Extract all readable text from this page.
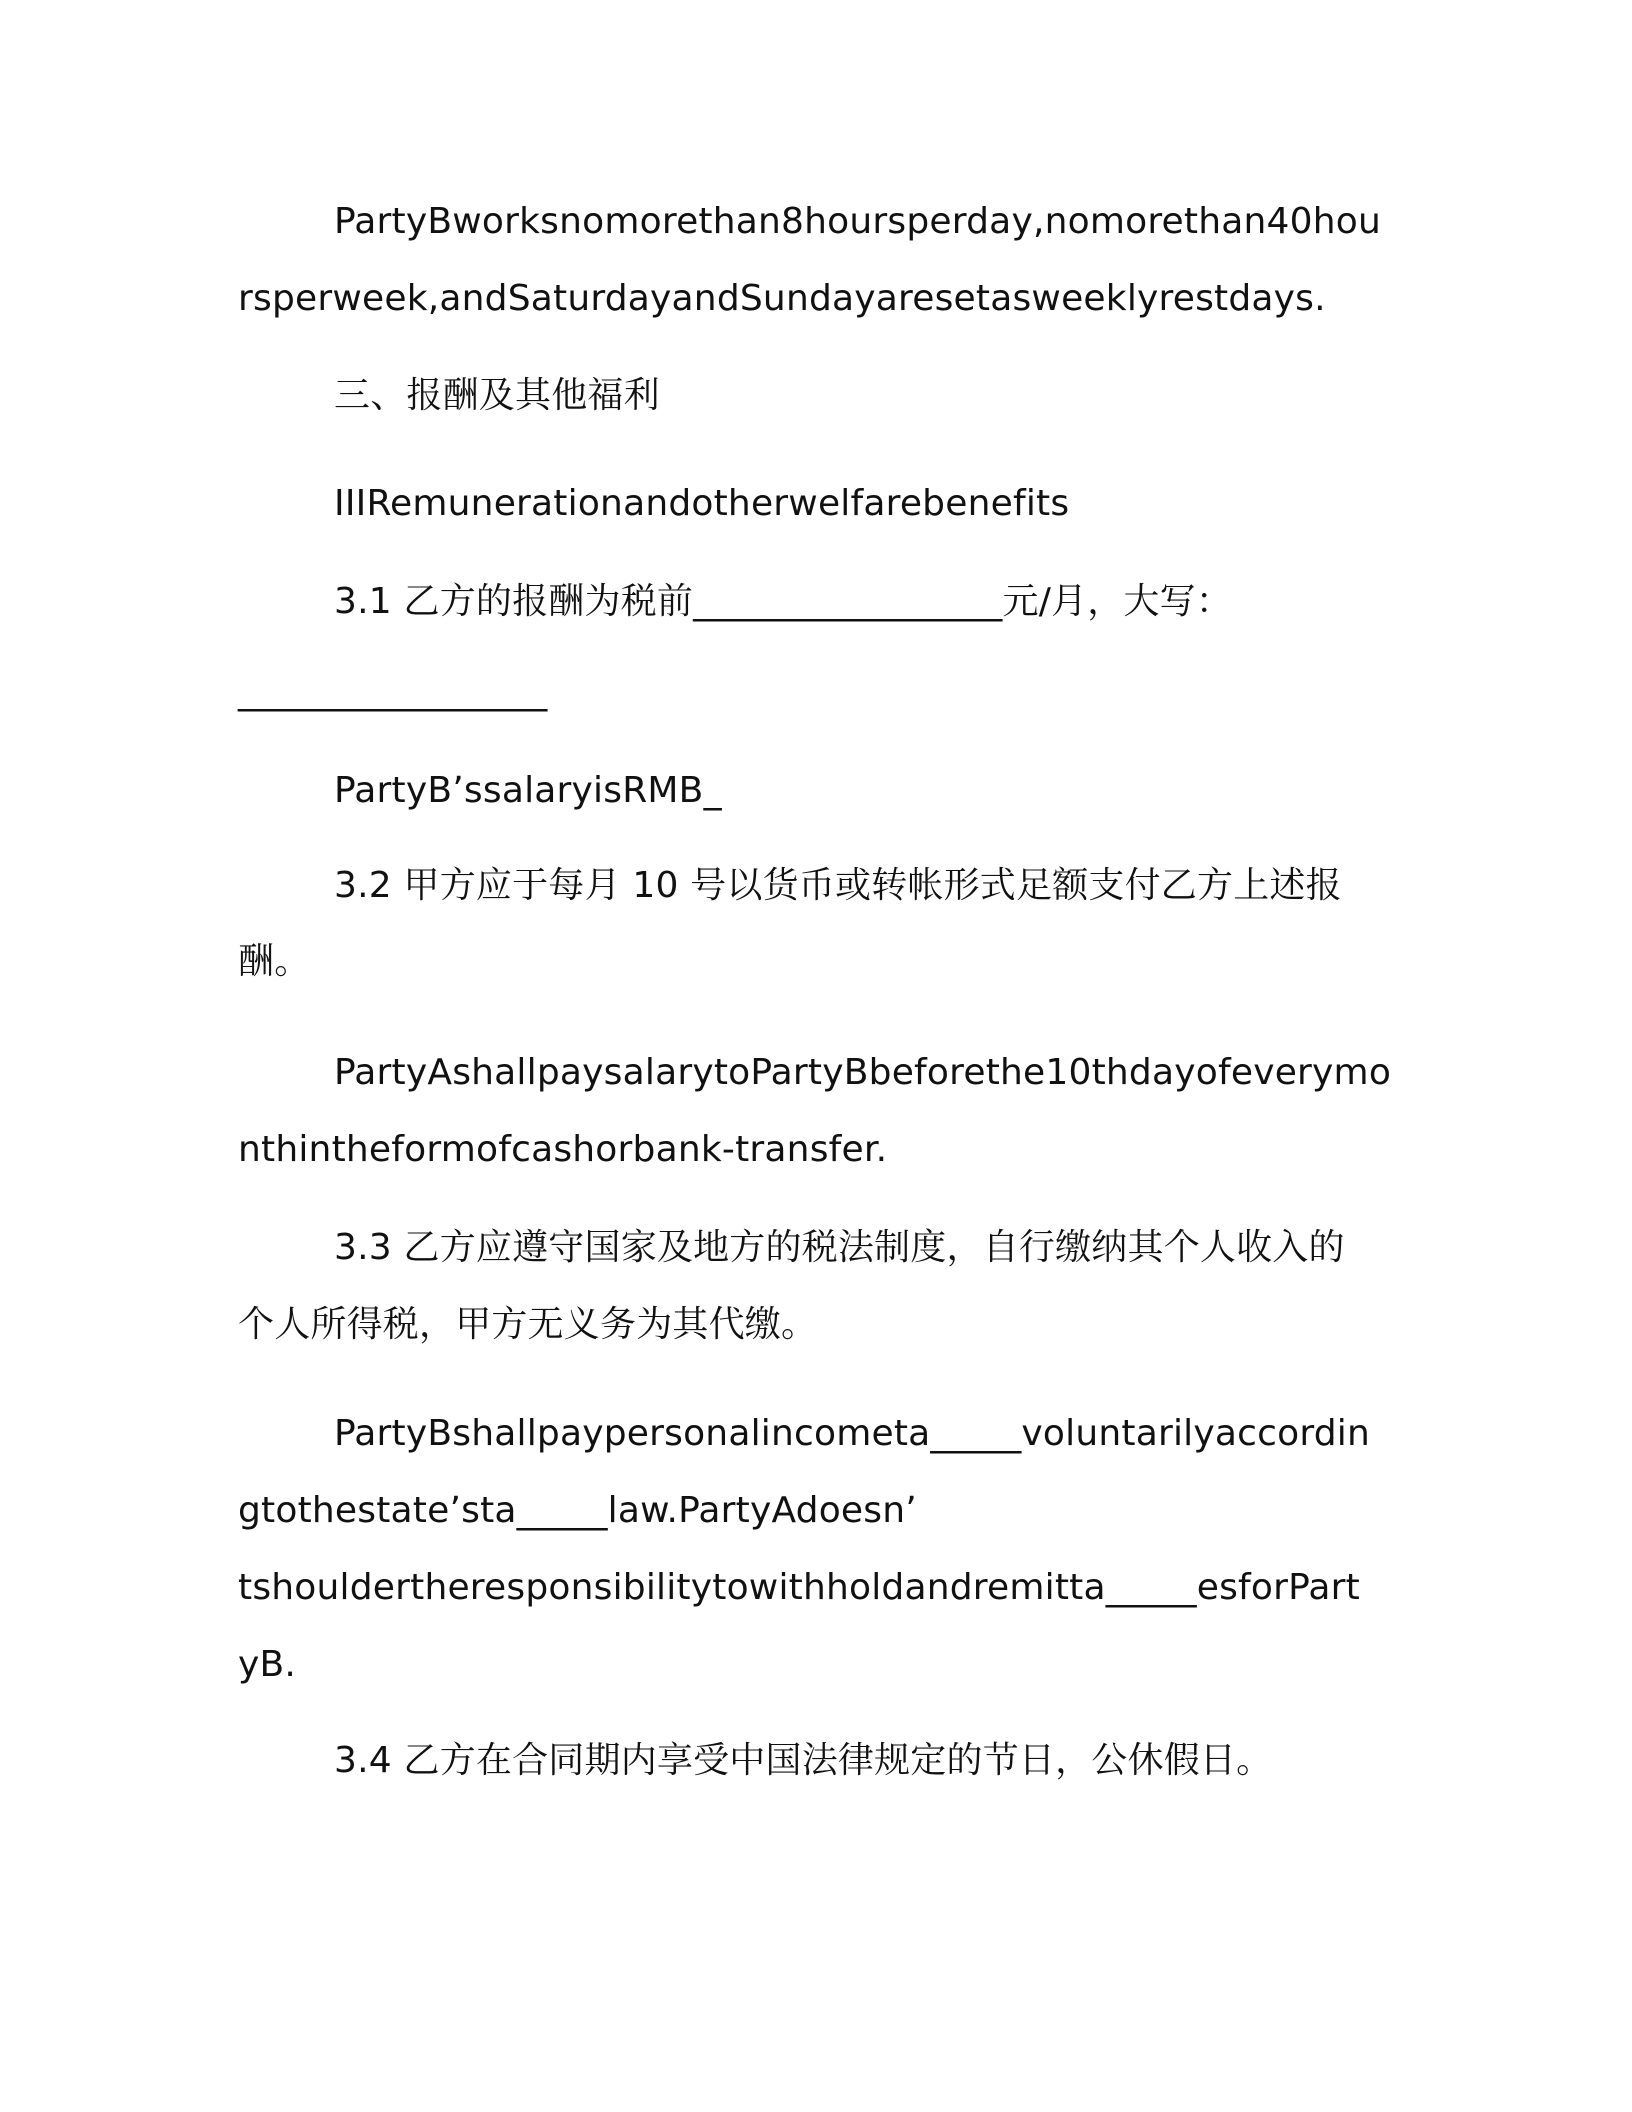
PartyBworksnomorethan8hoursperday,nomorethan40hou
rsperweek,andSaturdayandSundayaresetasweeklyrestdays.
三、报酬及其他福利
IIIRemunerationandotherwelfarebenefits
3.1 乙方的报酬为税前_________________元/月，大写：
_________________
PartyB’ssalaryisRMB_
3.2 甲方应于每月 10 号以货币或转帐形式足额支付乙方上述报
酬。
PartyAshallpaysalarytoPartyBbeforethe10thdayofeverymo
nthintheformofcashorbank-transfer.
3.3 乙方应遵守国家及地方的税法制度，自行缴纳其个人收入的
个人所得税，甲方无义务为其代缴。
PartyBshallpaypersonalincometa_____voluntarilyaccordin
gtothestate’sta_____law.PartyAdoesn’
tshouldertheresponsibilitytowithholdandremitta_____esforPart
yB.
3.4 乙方在合同期内享受中国法律规定的节日，公休假日。
